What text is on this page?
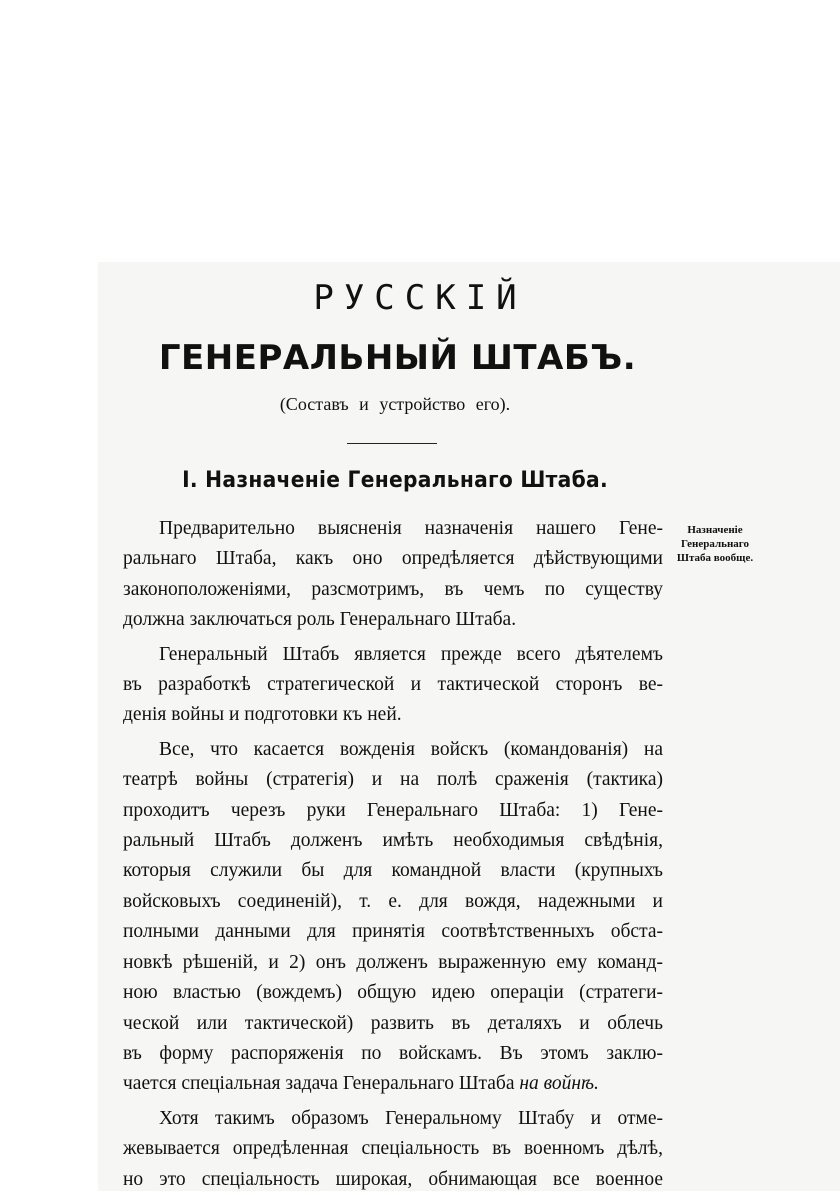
РУССКІЙ
ГЕНЕРАЛЬНЫЙ ШТАБЪ.
(Составъ и устройство его).
I. Назначеніе Генеральнаго Штаба.
Назначеніе
Генеральнаго
Штаба вообще.
Предварительно выясненія назначенія нашего Гене-
ральнаго Штаба, какъ оно опредѣляется дѣйствующими
законоположеніями, разсмотримъ, въ чемъ по существу
должна заключаться роль Генеральнаго Штаба.
Генеральный Штабъ является прежде всего дѣятелемъ
въ разработкѣ стратегической и тактической сторонъ ве-
денія войны и подготовки къ ней.
Все, что касается вожденія войскъ (командованія) на
театрѣ войны (стратегія) и на полѣ сраженія (тактика)
проходитъ черезъ руки Генеральнаго Штаба: 1) Гене-
ральный Штабъ долженъ имѣть необходимыя свѣдѣнія,
которыя служили бы для командной власти (крупныхъ
войсковыхъ соединеній), т. е. для вождя, надежными и
полными данными для принятія соотвѣтственныхъ обста-
новкѣ рѣшеній, и 2) онъ долженъ выраженную ему команд-
ною властью (вождемъ) общую идею операціи (стратеги-
ческой или тактической) развить въ деталяхъ и облечь
въ форму распоряженія по войскамъ. Въ этомъ заклю-
чается спеціальная задача Генеральнаго Штаба на войнѣ.
Хотя такимъ образомъ Генеральному Штабу и отме-
жевывается опредѣленная спеціальность въ военномъ дѣлѣ,
но это спеціальность широкая, обнимающая все военное
